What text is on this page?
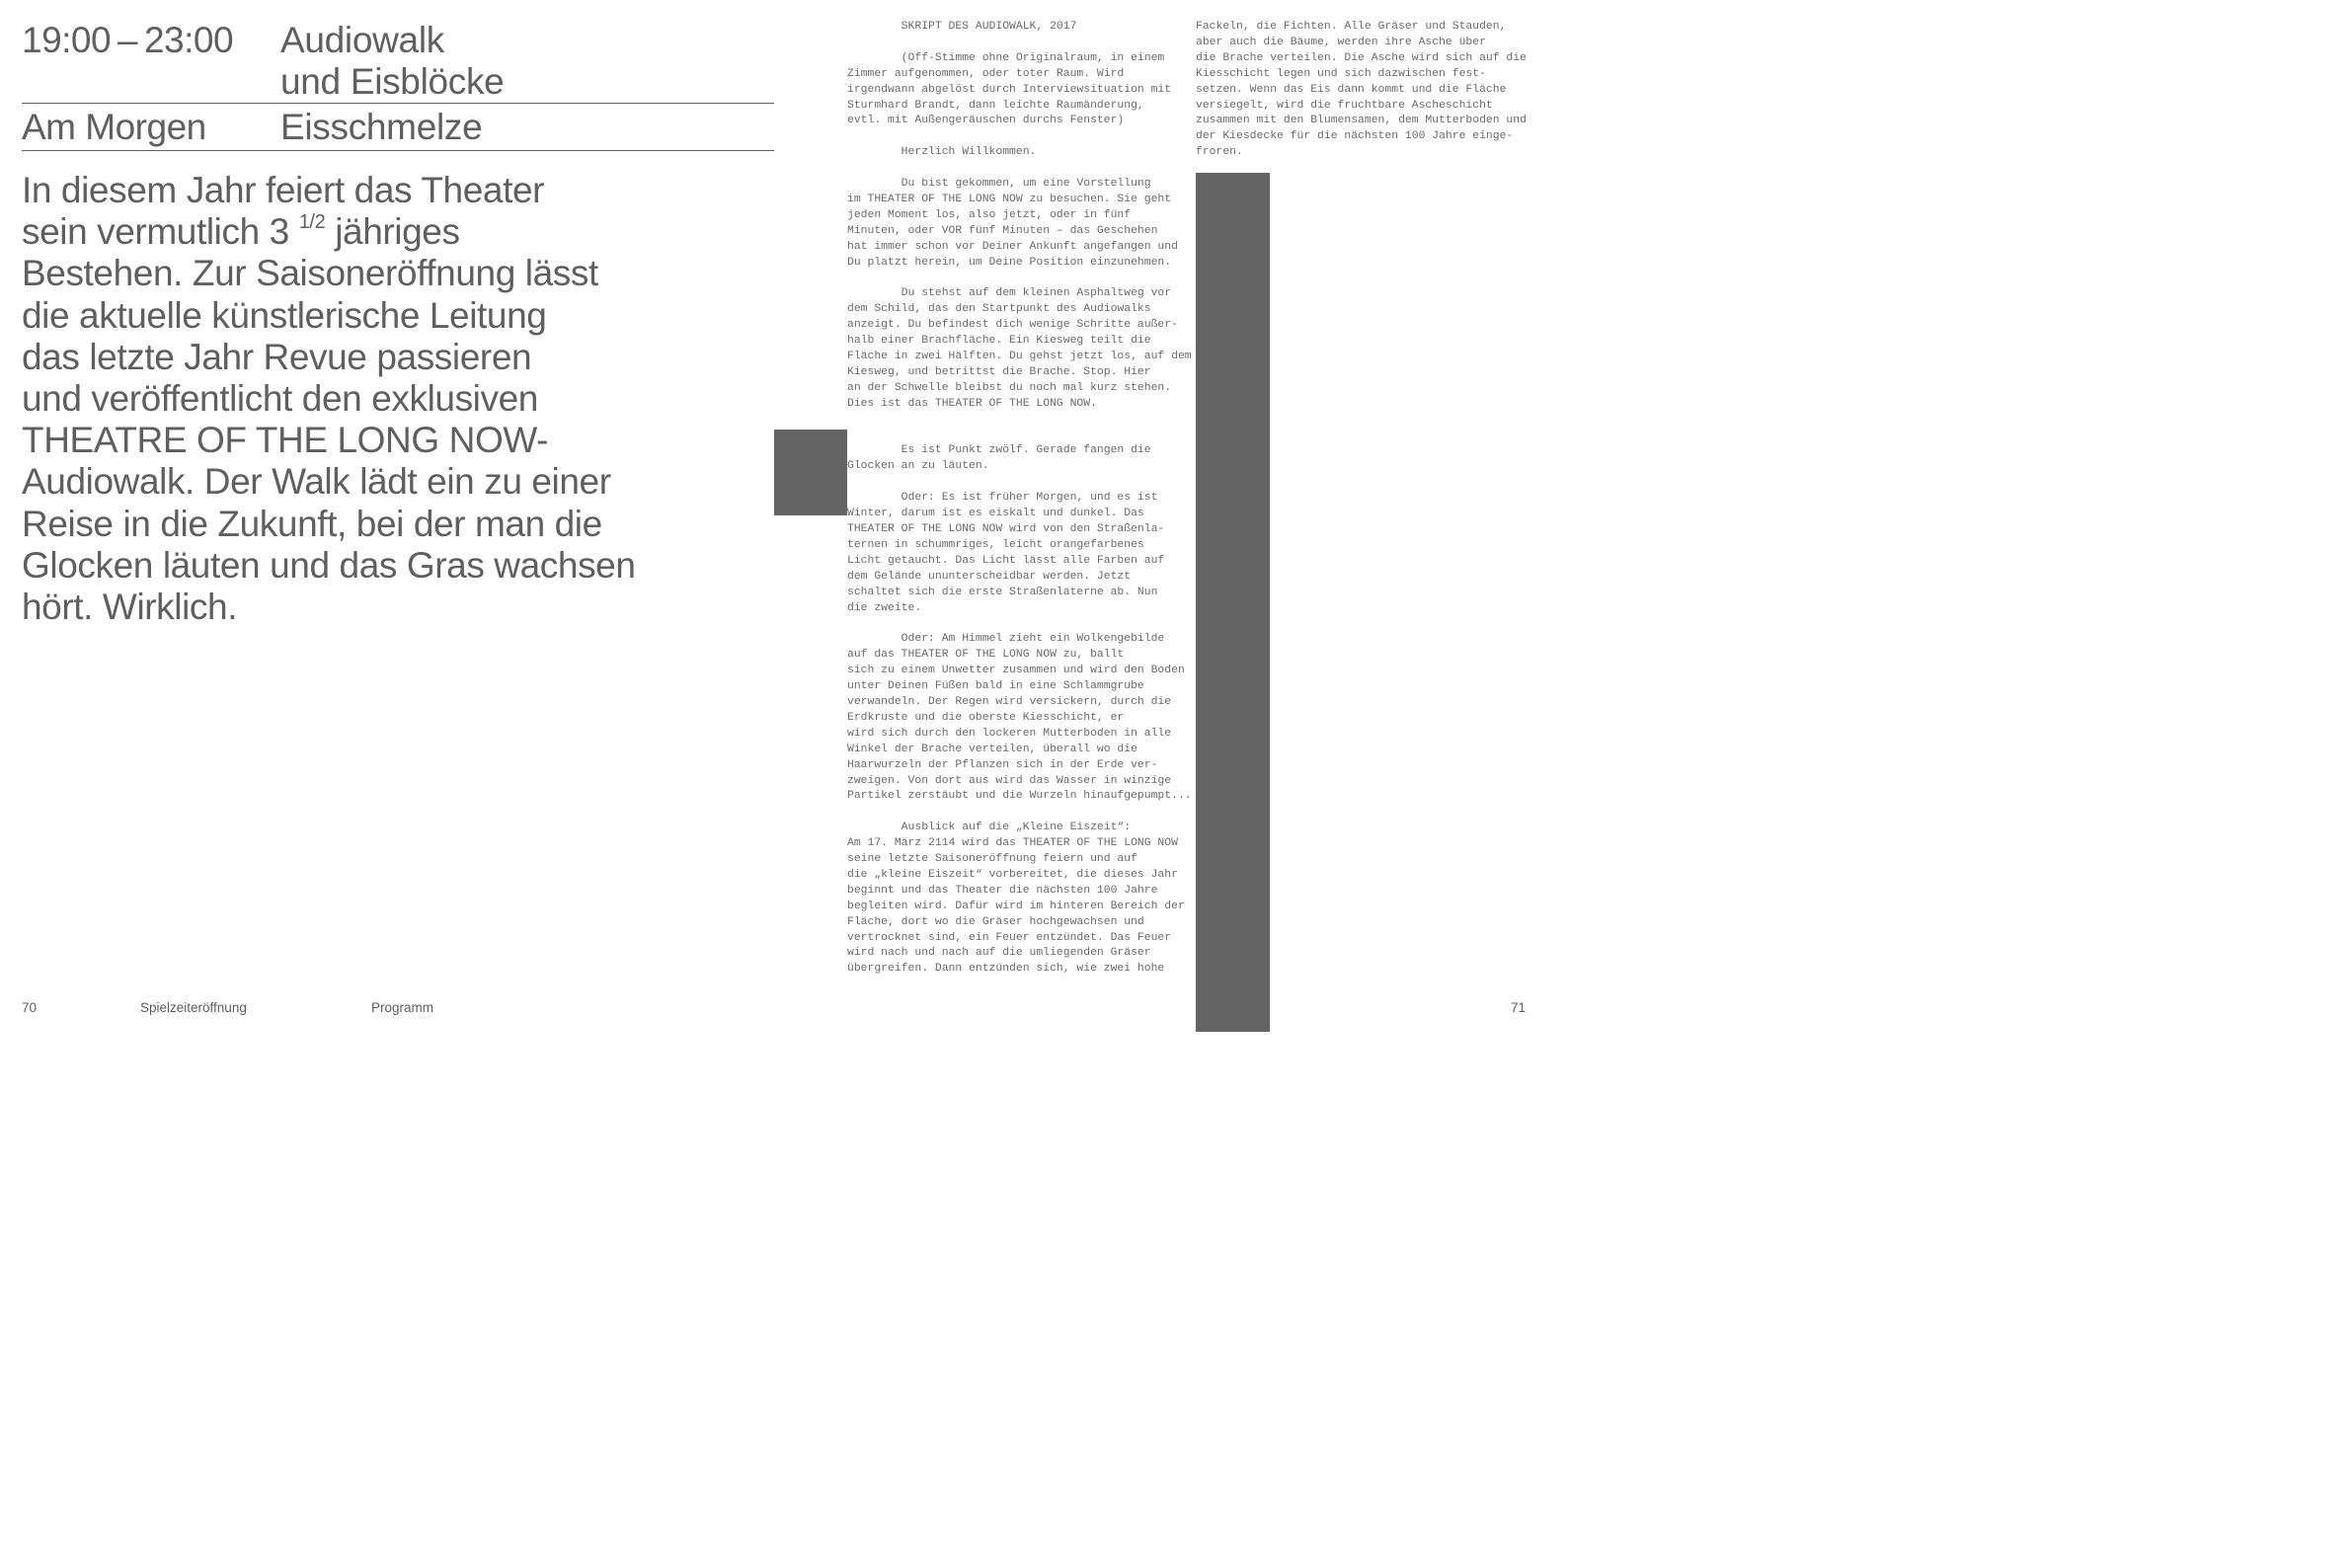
19:00 – 23:00 Audiowalk
und Eisblöcke
Am Morgen Eisschmelze
In diesem Jahr feiert das Theater
sein vermutlich 3 $^{1/2}$ jähriges
Bestehen. Zur Saisoneröffnung lässt
die aktuelle künstlerische Leitung
das letzte Jahr Revue passieren
und veröffentlicht den exklusiven
THEATRE OF THE LONG NOW-
Audiowalk. Der Walk lädt ein zu einer
Reise in die Zukunft, bei der man die
Glocken läuten und das Gras wachsen
hört. Wirklich.
70	Spielzeiteröffnung	Programm
SKRIPT DES AUDIOWALK, 2017

(Off-Stimme ohne Originalraum, in einem
Zimmer aufgenommen, oder toter Raum. Wird
irgendwann abgelöst durch Interviewsituation mit
Sturmhard Brandt, dann leichte Raumänderung,
evtl. mit Außengeräuschen durchs Fenster)

Herzlich Willkommen.

Du bist gekommen, um eine Vorstellung
im THEATER OF THE LONG NOW zu besuchen. Sie geht
jeden Moment los, also jetzt, oder in fünf
Minuten, oder VOR fünf Minuten – das Geschehen
hat immer schon vor Deiner Ankunft angefangen und
Du platzt herein, um Deine Position einzunehmen.

Du stehst auf dem kleinen Asphaltweg vor
dem Schild, das den Startpunkt des Audiowalks
anzeigt. Du befindest dich wenige Schritte außer-
halb einer Brachfläche. Ein Kiesweg teilt die
Fläche in zwei Hälften. Du gehst jetzt los, auf dem
Kiesweg, und betrittst die Brache. Stop. Hier
an der Schwelle bleibst du noch mal kurz stehen.
Dies ist das THEATER OF THE LONG NOW.

Es ist Punkt zwölf. Gerade fangen die
Glocken an zu läuten.

Oder: Es ist früher Morgen, und es ist
Winter, darum ist es eiskalt und dunkel. Das
THEATER OF THE LONG NOW wird von den Straßenla-
ternen in schummriges, leicht orangefarbenes
Licht getaucht. Das Licht lässt alle Farben auf
dem Gelände ununterscheidbar werden. Jetzt
schaltet sich die erste Straßenlaterne ab. Nun
die zweite.

Oder: Am Himmel zieht ein Wolkengebilde
auf das THEATER OF THE LONG NOW zu, ballt
sich zu einem Unwetter zusammen und wird den Boden
unter Deinen Füßen bald in eine Schlammgrube
verwandeln. Der Regen wird versickern, durch die
Erdkruste und die oberste Kiesschicht, er
wird sich durch den lockeren Mutterboden in alle
Winkel der Brache verteilen, überall wo die
Haarwurzeln der Pflanzen sich in der Erde ver-
zweigen. Von dort aus wird das Wasser in winzige
Partikel zerstäubt und die Wurzeln hinaufgepumpt...

Ausblick auf die „Kleine Eiszeit“:
Am 17. März 2114 wird das THEATER OF THE LONG NOW
seine letzte Saisoneröffnung feiern und auf
die „kleine Eiszeit“ vorbereitet, die dieses Jahr
beginnt und das Theater die nächsten 100 Jahre
begleiten wird. Dafür wird im hinteren Bereich der
Fläche, dort wo die Gräser hochgewachsen und
vertrocknet sind, ein Feuer entzündet. Das Feuer
wird nach und nach auf die umliegenden Gräser
übergreifen. Dann entzünden sich, wie zwei hohe
Fackeln, die Fichten. Alle Gräser und Stauden,
aber auch die Bäume, werden ihre Asche über
die Brache verteilen. Die Asche wird sich auf die
Kiesschicht legen und sich dazwischen fest-
setzen. Wenn das Eis dann kommt und die Fläche
versiegelt, wird die fruchtbare Ascheschicht
zusammen mit den Blumensamen, dem Mutterboden und
der Kiesdecke für die nächsten 100 Jahre einge-
froren.
71
